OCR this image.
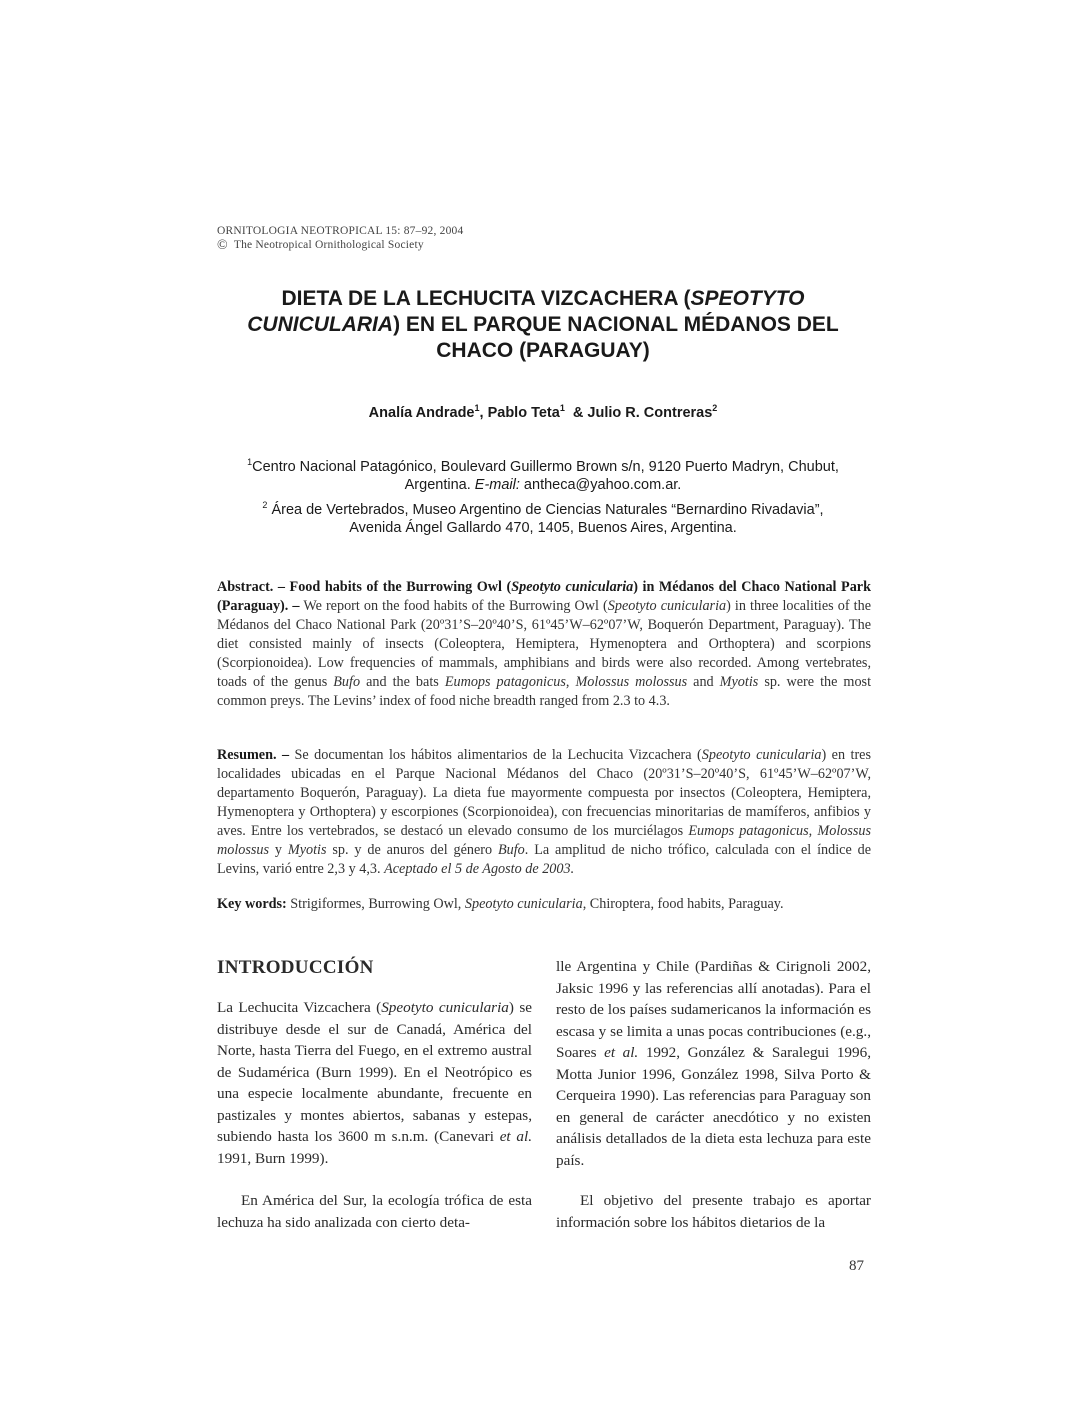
ORNITOLOGIA NEOTROPICAL 15: 87–92, 2004
© The Neotropical Ornithological Society
DIETA DE LA LECHUCITA VIZCACHERA (SPEOTYTO
CUNICULARIA) EN EL PARQUE NACIONAL MÉDANOS DEL
CHACO (PARAGUAY)
Analía Andrade$^1$, Pablo Teta$^1$  & Julio R. Contreras$^2$
$^1$Centro Nacional Patagónico, Boulevard Guillermo Brown s/n, 9120 Puerto Madryn, Chubut,
Argentina. E-mail: antheca@yahoo.com.ar.
$^2$ Área de Vertebrados, Museo Argentino de Ciencias Naturales “Bernardino Rivadavia”,
Avenida Ángel Gallardo 470, 1405, Buenos Aires, Argentina.

Abstract. – Food habits of the Burrowing Owl (Speotyto cunicularia) in Médanos del Chaco National Park (Paraguay). – We report on the food habits of the Burrowing Owl (Speotyto cunicularia) in three localities of the Médanos del Chaco National Park (20º31’S–20º40’S, 61º45’W–62º07’W, Boquerón Department, Paraguay). The diet consisted mainly of insects (Coleoptera, Hemiptera, Hymenoptera and Orthoptera) and scorpions (Scorpionoidea). Low frequencies of mammals, amphibians and birds were also recorded. Among vertebrates, toads of the genus Bufo and the bats Eumops patagonicus, Molossus molossus and Myotis sp. were the most common preys. The Levins’ index of food niche breadth ranged from 2.3 to 4.3.

Resumen. – Se documentan los hábitos alimentarios de la Lechucita Vizcachera (Speotyto cunicularia) en tres localidades ubicadas en el Parque Nacional Médanos del Chaco (20º31’S–20º40’S, 61º45’W–62º07’W, departamento Boquerón, Paraguay). La dieta fue mayormente compuesta por insectos (Coleoptera, Hemiptera, Hymenoptera y Orthoptera) y escorpiones (Scorpionoidea), con frecuencias minoritarias de mamíferos, anfibios y aves. Entre los vertebrados, se destacó un elevado consumo de los murciélagos Eumops patagonicus, Molossus molossus y Myotis sp. y de anuros del género Bufo. La amplitud de nicho trófico, calculada con el índice de Levins, varió entre 2,3 y 4,3. Aceptado el 5 de Agosto de 2003.

Key words: Strigiformes, Burrowing Owl, Speotyto cunicularia, Chiroptera, food habits, Paraguay.

INTRODUCCIÓN

La Lechucita Vizcachera (Speotyto cunicularia) se distribuye desde el sur de Canadá, América del Norte, hasta Tierra del Fuego, en el extremo austral de Sudamérica (Burn 1999). En el Neotrópico es una especie localmente abundante, frecuente en pastizales y montes abiertos, sabanas y estepas, subiendo hasta los 3600 m s.n.m. (Canevari et al. 1991, Burn 1999).

En América del Sur, la ecología trófica de esta lechuza ha sido analizada con cierto deta-

lle Argentina y Chile (Pardiñas & Cirignoli 2002, Jaksic 1996 y las referencias allí anotadas). Para el resto de los países sudamericanos la información es escasa y se limita a unas pocas contribuciones (e.g., Soares et al. 1992, González & Saralegui 1996, Motta Junior 1996, González 1998, Silva Porto & Cerqueira 1990). Las referencias para Paraguay son en general de carácter anecdótico y no existen análisis detallados de la dieta esta lechuza para este país.

El objetivo del presente trabajo es aportar información sobre los hábitos dietarios de la

87
